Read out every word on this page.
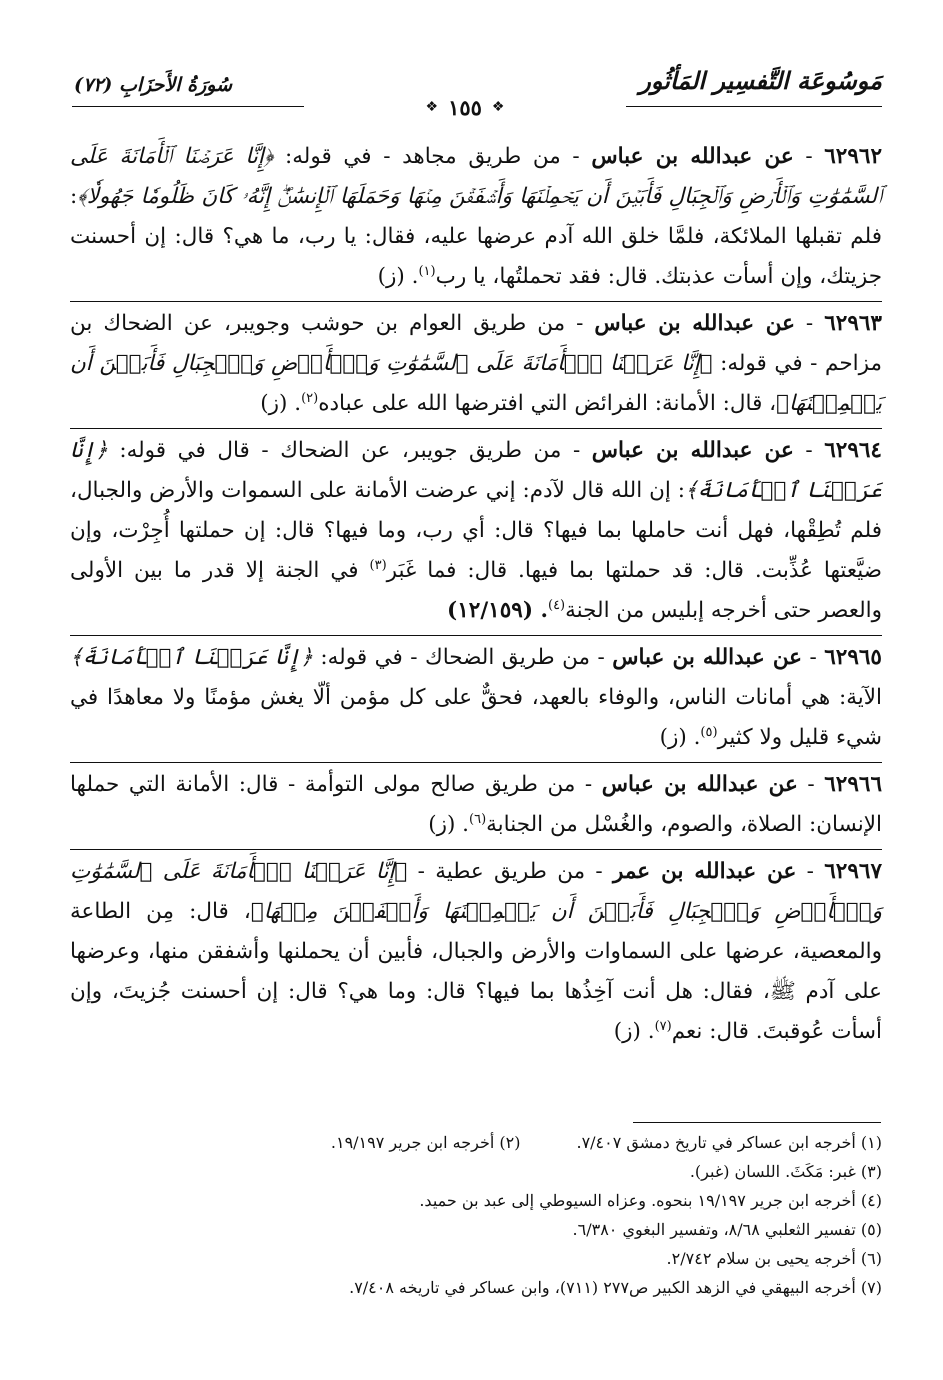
مَوسُوعَة التَّفسِير المَأثُور
❖ ١٥٥ ❖
سُورَةُ الأَحزَابِ (٧٢)

٦٢٩٦٢ - عن عبدالله بن عباس - من طريق مجاهد - في قوله: ﴿إِنَّا عَرَضۡنَا ٱلۡأَمَانَةَ عَلَى ٱلسَّمَٰوَٰتِ وَٱلۡأَرۡضِ وَٱلۡجِبَالِ فَأَبَيۡنَ أَن يَحۡمِلۡنَهَا وَأَشۡفَقۡنَ مِنۡهَا وَحَمَلَهَا ٱلۡإِنسَٰنُۖ إِنَّهُۥ كَانَ ظَلُومٗا جَهُولٗا﴾: فلم تقبلها الملائكة، فلمَّا خلق الله آدم عرضها عليه، فقال: يا رب، ما هي؟ قال: إن أحسنت جزيتك، وإن أسأت عذبتك. قال: فقد تحملتُها، يا رب$^{(١)}$. (ز)

٦٢٩٦٣ - عن عبدالله بن عباس - من طريق العوام بن حوشب وجويبر، عن الضحاك بن مزاحم - في قوله: ﴿إِنَّا عَرَضۡنَا ٱلۡأَمَانَةَ عَلَى ٱلسَّمَٰوَٰتِ وَٱلۡأَرۡضِ وَٱلۡجِبَالِ فَأَبَيۡنَ أَن يَحۡمِلۡنَهَا﴾، قال: الأمانة: الفرائض التي افترضها الله على عباده$^{(٢)}$. (ز)

٦٢٩٦٤ - عن عبدالله بن عباس - من طريق جويبر، عن الضحاك - قال في قوله: ﴿إِنَّا عَرَضۡنَا ٱلۡأَمَانَةَ﴾: إن الله قال لآدم: إني عرضت الأمانة على السموات والأرض والجبال، فلم تُطِقْها، فهل أنت حاملها بما فيها؟ قال: أي رب، وما فيها؟ قال: إن حملتها أُجِرْت، وإن ضيَّعتها عُذِّبت. قال: قد حملتها بما فيها. قال: فما غَبَر$^{(٣)}$ في الجنة إلا قدر ما بين الأولى والعصر حتى أخرجه إبليس من الجنة$^{(٤)}$. (١٢/١٥٩)

٦٢٩٦٥ - عن عبدالله بن عباس - من طريق الضحاك - في قوله: ﴿إِنَّا عَرَضۡنَا ٱلۡأَمَانَةَ﴾ الآية: هي أمانات الناس، والوفاء بالعهد، فحقٌّ على كل مؤمن ألّا يغش مؤمنًا ولا معاهدًا في شيء قليل ولا كثير$^{(٥)}$. (ز)

٦٢٩٦٦ - عن عبدالله بن عباس - من طريق صالح مولى التوأمة - قال: الأمانة التي حملها الإنسان: الصلاة، والصوم، والغُسْل من الجنابة$^{(٦)}$. (ز)

٦٢٩٦٧ - عن عبدالله بن عمر - من طريق عطية - ﴿إِنَّا عَرَضۡنَا ٱلۡأَمَانَةَ عَلَى ٱلسَّمَٰوَٰتِ وَٱلۡأَرۡضِ وَٱلۡجِبَالِ فَأَبَيۡنَ أَن يَحۡمِلۡنَهَا وَأَشۡفَقۡنَ مِنۡهَا﴾، قال: مِن الطاعة والمعصية، عرضها على السماوات والأرض والجبال، فأبين أن يحملنها وأشفقن منها، وعرضها على آدم ﷺ، فقال: هل أنت آخِذُها بما فيها؟ قال: وما هي؟ قال: إن أحسنت جُزيتَ، وإن أسأت عُوقبتَ. قال: نعم$^{(٧)}$. (ز)

(١) أخرجه ابن عساكر في تاريخ دمشق ٧/٤٠٧.
(٢) أخرجه ابن جرير ١٩/١٩٧.
(٣) غبر: مَكَثَ. اللسان (غبر).
(٤) أخرجه ابن جرير ١٩/١٩٧ بنحوه. وعزاه السيوطي إلى عبد بن حميد.
(٥) تفسير الثعلبي ٨/٦٨، وتفسير البغوي ٦/٣٨٠.
(٦) أخرجه يحيى بن سلام ٢/٧٤٢.
(٧) أخرجه البيهقي في الزهد الكبير ص٢٧٧ (٧١١)، وابن عساكر في تاريخه ٧/٤٠٨.
